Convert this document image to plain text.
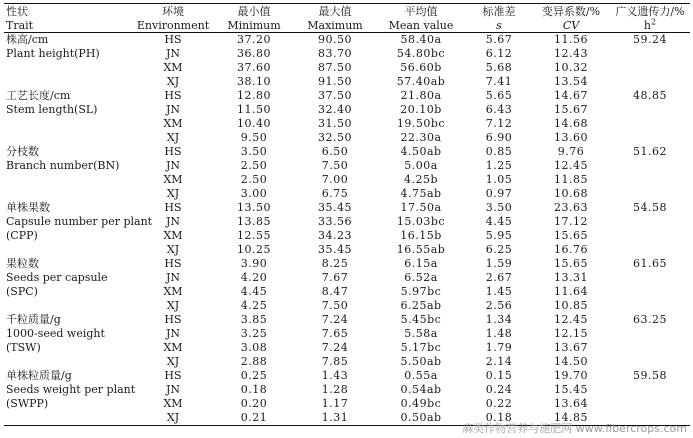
性状	环境	最小值	最大值	平均值	标准差	变异系数/%	广义遗传力/%
Trait	Environment	Minimum	Maximum	Mean value	s	CV	$h^2$
株高/cm	HS	37.20	90.50	58.40a	5.67	11.56	59.24
Plant height(PH)	JN	36.80	83.70	54.80bc	6.12	12.43	
	XM	37.60	87.50	56.60b	5.68	10.32	
	XJ	38.10	91.50	57.40ab	7.41	13.54	
工艺长度/cm	HS	12.80	37.50	21.80a	5.65	14.67	48.85
Stem length(SL)	JN	11.50	32.40	20.10b	6.43	15.67	
	XM	10.40	31.50	19.50bc	7.12	14.68	
	XJ	9.50	32.50	22.30a	6.90	13.60	
分枝数	HS	3.50	6.50	4.50ab	0.85	9.76	51.62
Branch number(BN)	JN	2.50	7.50	5.00a	1.25	12.45	
	XM	2.50	7.00	4.25b	1.05	11.85	
	XJ	3.00	6.75	4.75ab	0.97	10.68	
单株果数	HS	13.50	35.45	17.50a	3.50	23.63	54.58
Capsule number per plant	JN	13.85	33.56	15.03bc	4.45	17.12	
(CPP)	XM	12.55	34.23	16.15b	5.95	15.65	
	XJ	10.25	35.45	16.55ab	6.25	16.76	
果粒数	HS	3.90	8.25	6.15a	1.59	15.65	61.65
Seeds per capsule	JN	4.20	7.67	6.52a	2.67	13.31	
(SPC)	XM	4.45	8.47	5.97bc	1.45	11.64	
	XJ	4.25	7.50	6.25ab	2.56	10.85	
千粒质量/g	HS	3.85	7.24	5.45bc	1.34	12.45	63.25
1000-seed weight	JN	3.25	7.65	5.58a	1.48	12.15	
(TSW)	XM	3.08	7.24	5.17bc	1.79	13.67	
	XJ	2.88	7.85	5.50ab	2.14	14.50	
单株粒质量/g	HS	0.25	1.43	0.55a	0.15	19.70	59.58
Seeds weight per plant	JN	0.18	1.28	0.54ab	0.24	15.45	
(SWPP)	XM	0.20	1.17	0.49bc	0.22	13.64	
	XJ	0.21	1.31	0.50ab	0.18	14.85	
麻类作物营养与施肥网 www.fibercrops.com
